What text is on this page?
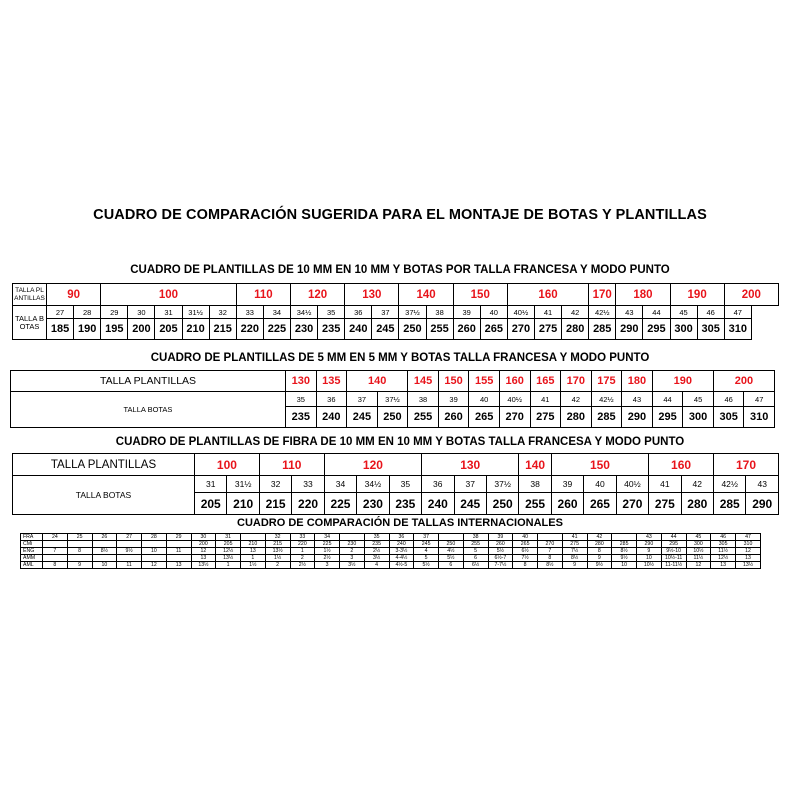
CUADRO DE COMPARACIÓN SUGERIDA PARA EL MONTAJE DE BOTAS Y PLANTILLAS
CUADRO DE PLANTILLAS DE 10 MM EN 10 MM Y BOTAS POR TALLA FRANCESA Y MODO PUNTO
TALLA PLANTILLAS	90		100					110		120		130		140		150		160			170	180		190		200
TALLA BOTAS	27	28	29	30	31	31½	32	33	34	34½	35	36	37	37½	38	39	40	40½	41	42	42½	43	44	45	46	47
	185	190	195	200	205	210	215	220	225	230	235	240	245	250	255	260	265	270	275	280	285	290	295	300	305	310
CUADRO DE PLANTILLAS DE 5 MM EN 5 MM Y BOTAS TALLA FRANCESA Y MODO PUNTO
TALLA PLANTILLAS	130	135	140		145	150	155	160	165	170	175	180	190		200	
TALLA BOTAS	35	36	37	37½	38	39	40	40½	41	42	42½	43	44	45	46	47
	235	240	245	250	255	260	265	270	275	280	285	290	295	300	305	310
CUADRO DE PLANTILLAS DE FIBRA DE 10 MM EN 10 MM Y BOTAS TALLA FRANCESA Y MODO PUNTO
TALLA PLANTILLAS	100		110		120			130			140	150			160		170	
TALLA BOTAS	31	31½	32	33	34	34½	35	36	37	37½	38	39	40	40½	41	42	42½	43
	205	210	215	220	225	230	235	240	245	250	255	260	265	270	275	280	285	290
CUADRO DE COMPARACIÓN DE TALLAS INTERNACIONALES
FRA	24	25	26	27	28	29	30	31		32	33	34		35	36	37		38	39	40		41	42		43	44	45	46	47
CMi							200	205	210	215	220	225	230	235	240	245	250	255	260	265	270	275	280	285	290	295	300	305	310
ENG	7	8	8½	9½	10	11	12	12½	13	13½	1	1½	2	2½	3-3½	4	4½	5	5½	6½	7	7½	8	8½	9	9½-10	10½	11½	12
AMM							13	13½	1	1½	2	2½	3	3½	4-4½	5	5½	6	6½-7	7½	8	8½	9	9½	10	10½-11	11½	12½	13
AML	8	9	10	11	12	13	13½	1	1½	2	2½	3	3½	4	4½-5	5½	6	6½	7-7½	8	8½	9	9½	10	10½	11-11½	12	13	13½
